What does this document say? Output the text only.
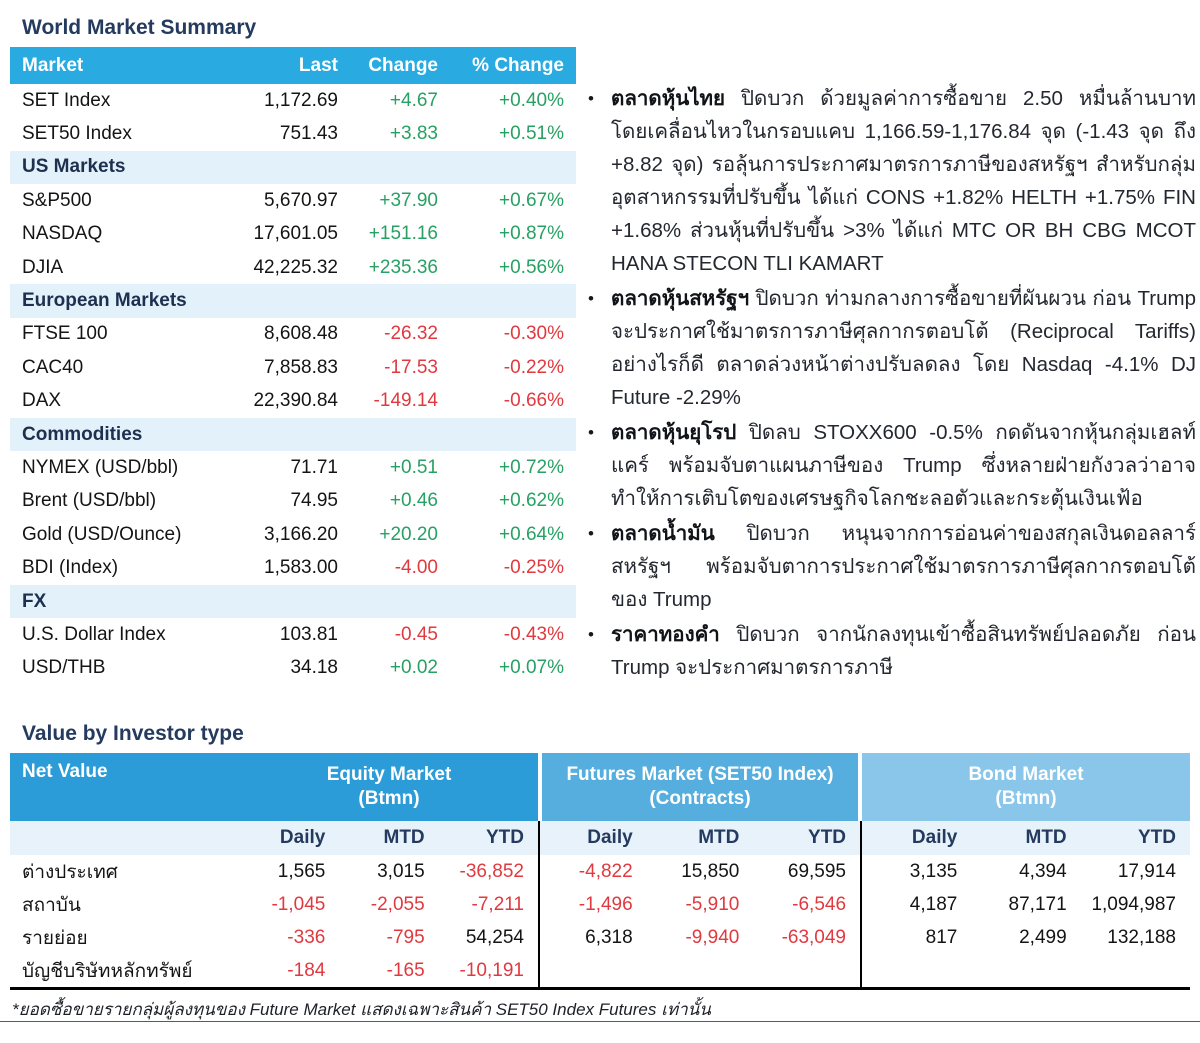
World Market Summary
Market	Last	Change	% Change
SET Index	1,172.69	+4.67	+0.40%
SET50 Index	751.43	+3.83	+0.51%
US Markets
S&P500	5,670.97	+37.90	+0.67%
NASDAQ	17,601.05	+151.16	+0.87%
DJIA	42,225.32	+235.36	+0.56%
European Markets
FTSE 100	8,608.48	-26.32	-0.30%
CAC40	7,858.83	-17.53	-0.22%
DAX	22,390.84	-149.14	-0.66%
Commodities
NYMEX (USD/bbl)	71.71	+0.51	+0.72%
Brent (USD/bbl)	74.95	+0.46	+0.62%
Gold (USD/Ounce)	3,166.20	+20.20	+0.64%
BDI (Index)	1,583.00	-4.00	-0.25%
FX
U.S. Dollar Index	103.81	-0.45	-0.43%
USD/THB	34.18	+0.02	+0.07%
• ตลาดหุ้นไทย ปิดบวก ด้วยมูลค่าการซื้อขาย 2.50 หมื่นล้านบาท โดยเคลื่อนไหวในกรอบแคบ 1,166.59-1,176.84 จุด (-1.43 จุด ถึง +8.82 จุด) รอลุ้นการประกาศมาตรการภาษีของสหรัฐฯ สำหรับกลุ่มอุตสาหกรรมที่ปรับขึ้น ได้แก่ CONS +1.82% HELTH +1.75% FIN +1.68% ส่วนหุ้นที่ปรับขึ้น >3% ได้แก่ MTC OR BH CBG MCOT HANA STECON TLI KAMART
• ตลาดหุ้นสหรัฐฯ ปิดบวก ท่ามกลางการซื้อขายที่ผันผวน ก่อน Trump จะประกาศใช้มาตรการภาษีศุลกากรตอบโต้ (Reciprocal Tariffs) อย่างไรก็ดี ตลาดล่วงหน้าต่างปรับลดลง โดย Nasdaq -4.1% DJ Future -2.29%
• ตลาดหุ้นยุโรป ปิดลบ STOXX600 -0.5% กดดันจากหุ้นกลุ่มเฮลท์แคร์ พร้อมจับตาแผนภาษีของ Trump ซึ่งหลายฝ่ายกังวลว่าอาจทำให้การเติบโตของเศรษฐกิจโลกชะลอตัวและกระตุ้นเงินเฟ้อ
• ตลาดน้ำมัน ปิดบวก หนุนจากการอ่อนค่าของสกุลเงินดอลลาร์สหรัฐฯ พร้อมจับตาการประกาศใช้มาตรการภาษีศุลกากรตอบโต้ของ Trump
• ราคาทองคำ ปิดบวก จากนักลงทุนเข้าซื้อสินทรัพย์ปลอดภัย ก่อน Trump จะประกาศมาตรการภาษี
Value by Investor type
Net Value	Equity Market
(Btmn)
Futures Market (SET50 Index)
(Contracts)
Bond Market
(Btmn)
Daily	MTD	YTD	Daily	MTD	YTD	Daily	MTD	YTD
ต่างประเทศ	1,565	3,015	-36,852	-4,822	15,850	69,595	3,135	4,394	17,914
สถาบัน	-1,045	-2,055	-7,211	-1,496	-5,910	-6,546	4,187	87,171	1,094,987
รายย่อย	-336	-795	54,254	6,318	-9,940	-63,049	817	2,499	132,188
บัญชีบริษัทหลักทรัพย์	-184	-165	-10,191
*ยอดซื้อขายรายกลุ่มผู้ลงทุนของ Future Market แสดงเฉพาะสินค้า SET50 Index Futures เท่านั้น
